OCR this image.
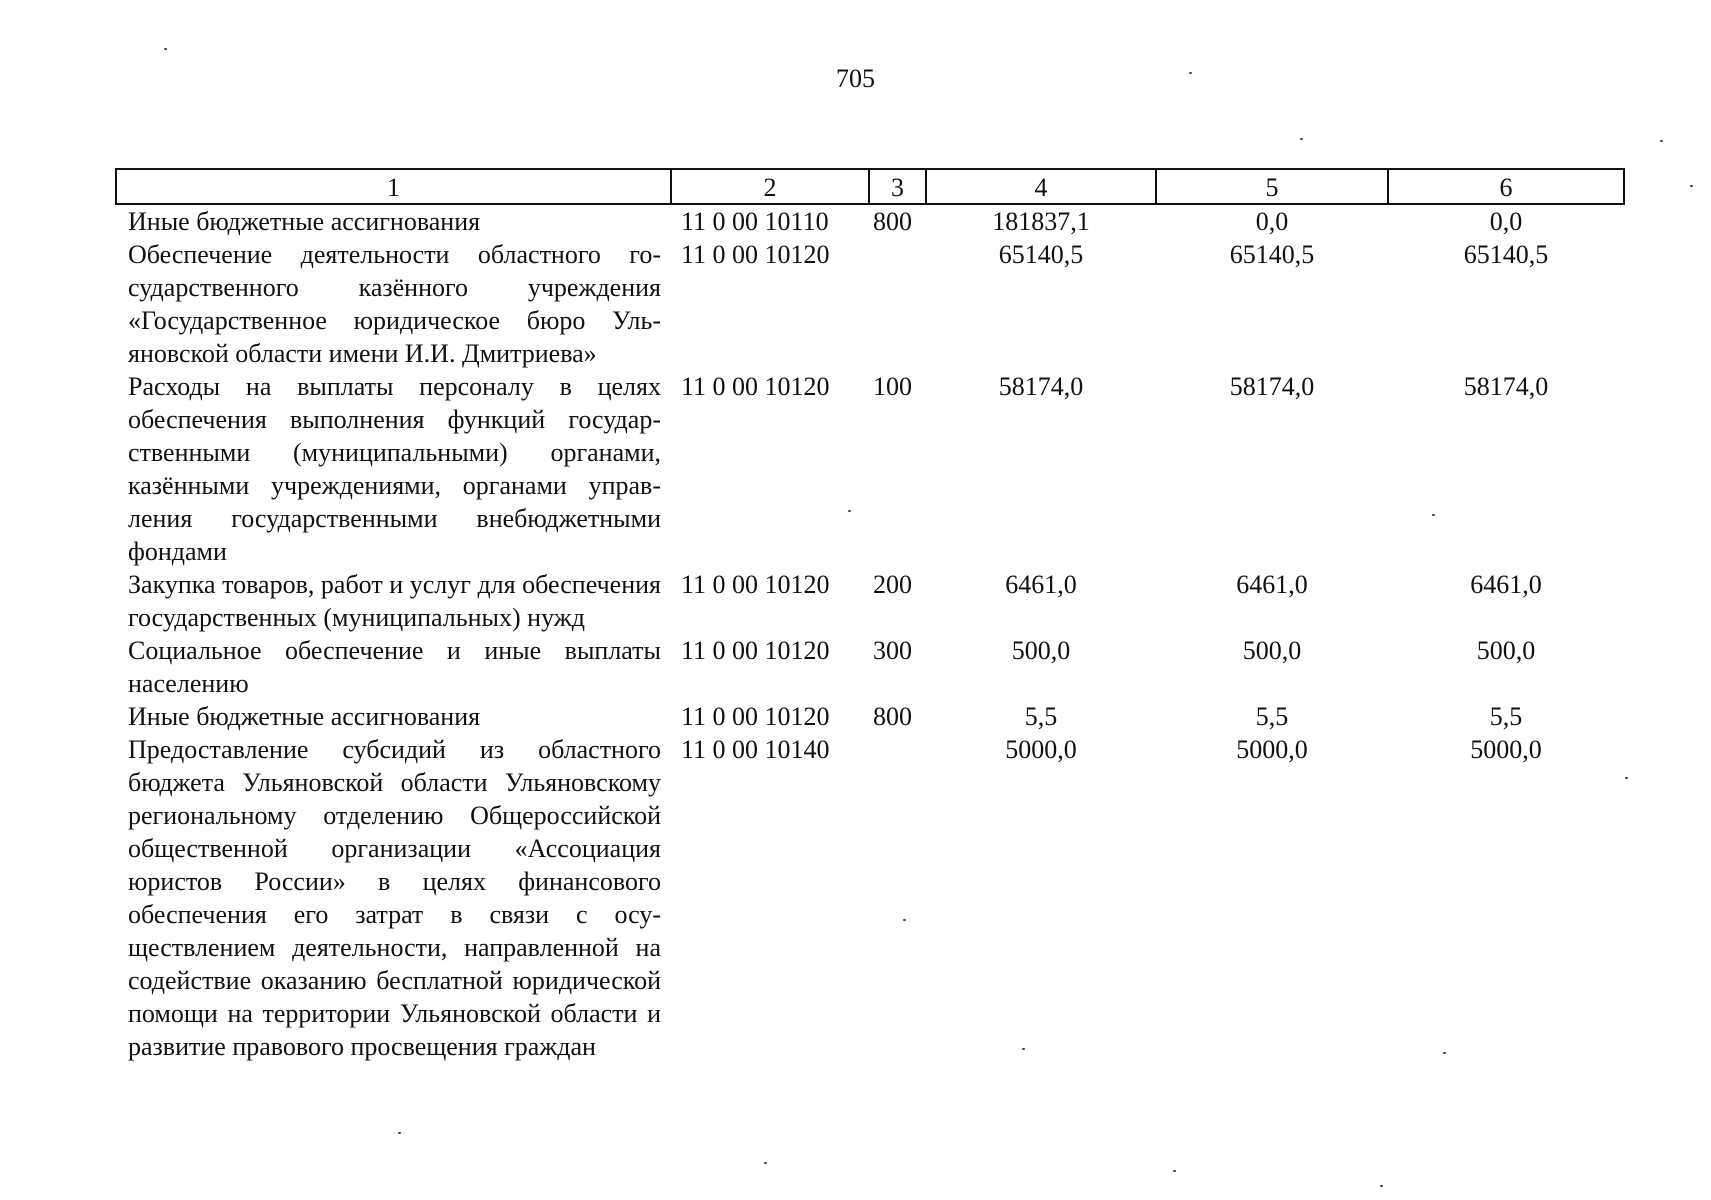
705
1	2	3	4	5	6
Иные бюджетные ассигнования	11 0 00 10110	800	181837,1	0,0	0,0
Обеспечение деятельности областного государственного казённого учреждения «Государственное юридическое бюро Ульяновской области имени И.И. Дмитриева»	11 0 00 10120		65140,5	65140,5	65140,5
Расходы на выплаты персоналу в целях обеспечения выполнения функций государственными (муниципальными) органами, казёнными учреждениями, органами управления государственными внебюджетными фондами	11 0 00 10120	100	58174,0	58174,0	58174,0
Закупка товаров, работ и услуг для обеспечения государственных (муниципальных) нужд	11 0 00 10120	200	6461,0	6461,0	6461,0
Социальное обеспечение и иные выплаты населению	11 0 00 10120	300	500,0	500,0	500,0
Иные бюджетные ассигнования	11 0 00 10120	800	5,5	5,5	5,5
Предоставление субсидий из областного бюджета Ульяновской области Ульяновскому региональному отделению Общероссийской общественной организации «Ассоциация юристов России» в целях финансового обеспечения его затрат в связи с осуществлением деятельности, направленной на содействие оказанию бесплатной юридической помощи на территории Ульяновской области и развитие правового просвещения граждан	11 0 00 10140		5000,0	5000,0	5000,0
